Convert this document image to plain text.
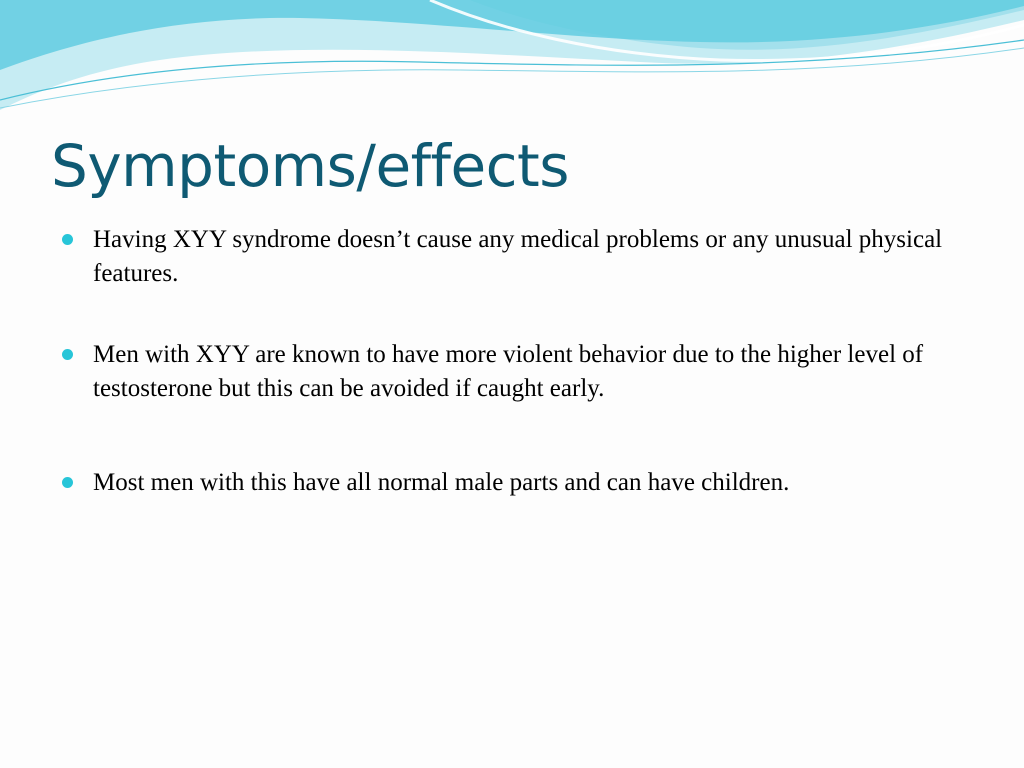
Symptoms/effects
Having XYY syndrome doesn’t cause any medical problems or any unusual physical features.
Men with XYY are known to have more violent behavior due to the higher level of testosterone but this can be avoided if caught early.
Most men with this have all normal male parts and can have children.
